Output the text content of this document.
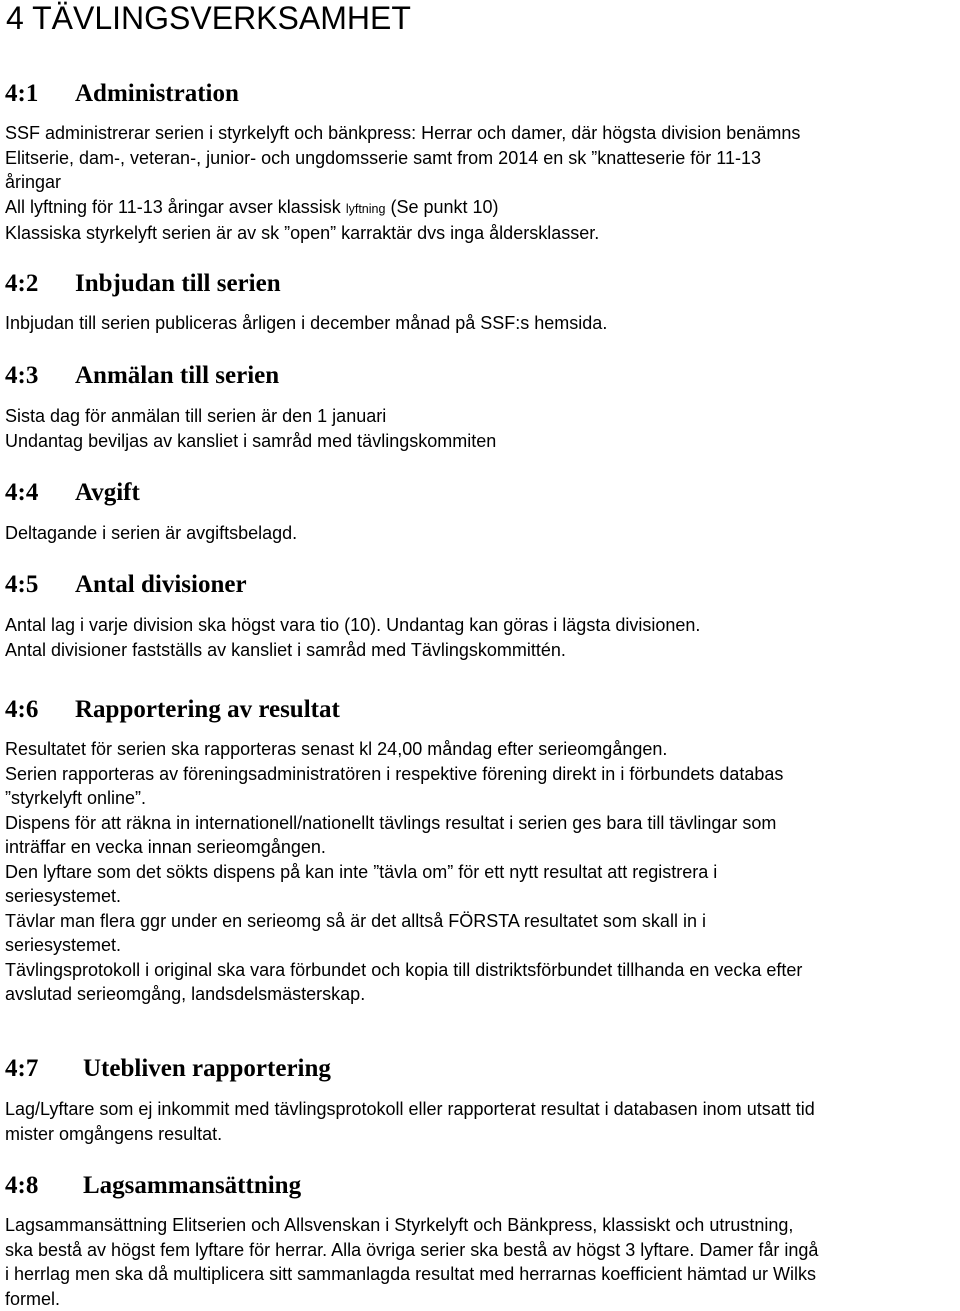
4 TÄVLINGSVERKSAMHET
4:1 Administration
SSF administrerar serien i styrkelyft och bänkpress: Herrar och damer, där högsta division benämns
Elitserie, dam-, veteran-, junior- och ungdomsserie samt from 2014 en sk ”knatteserie för 11-13
åringar
All lyftning för 11-13 åringar avser klassisk lyftning (Se punkt 10)
Klassiska styrkelyft serien är av sk ”open” karraktär dvs inga åldersklasser.
4:2 Inbjudan till serien
Inbjudan till serien publiceras årligen i december månad på SSF:s hemsida.
4:3 Anmälan till serien
Sista dag för anmälan till serien är den 1 januari
Undantag beviljas av kansliet i samråd med tävlingskommiten
4:4 Avgift
Deltagande i serien är avgiftsbelagd.
4:5 Antal divisioner
Antal lag i varje division ska högst vara tio (10). Undantag kan göras i lägsta divisionen.
Antal divisioner fastställs av kansliet i samråd med Tävlingskommittén.
4:6 Rapportering av resultat
Resultatet för serien ska rapporteras senast kl 24,00 måndag efter serieomgången.
Serien rapporteras av föreningsadministratören i respektive förening direkt in i förbundets databas
”styrkelyft online”.
Dispens för att räkna in internationell/nationellt tävlings resultat i serien ges bara till tävlingar som
inträffar en vecka innan serieomgången.
Den lyftare som det sökts dispens på kan inte ”tävla om” för ett nytt resultat att registrera i
seriesystemet.
Tävlar man flera ggr under en serieomg så är det alltså FÖRSTA resultatet som skall in i
seriesystemet.
Tävlingsprotokoll i original ska vara förbundet och kopia till distriktsförbundet tillhanda en vecka efter
avslutad serieomgång, landsdelsmästerskap.
4:7 Utebliven rapportering
Lag/Lyftare som ej inkommit med tävlingsprotokoll eller rapporterat resultat i databasen inom utsatt tid
mister omgångens resultat.
4:8 Lagsammansättning
Lagsammansättning Elitserien och Allsvenskan i Styrkelyft och Bänkpress, klassiskt och utrustning,
ska bestå av högst fem lyftare för herrar. Alla övriga serier ska bestå av högst 3 lyftare. Damer får ingå
i herrlag men ska då multiplicera sitt sammanlagda resultat med herrarnas koefficient hämtad ur Wilks
formel.
